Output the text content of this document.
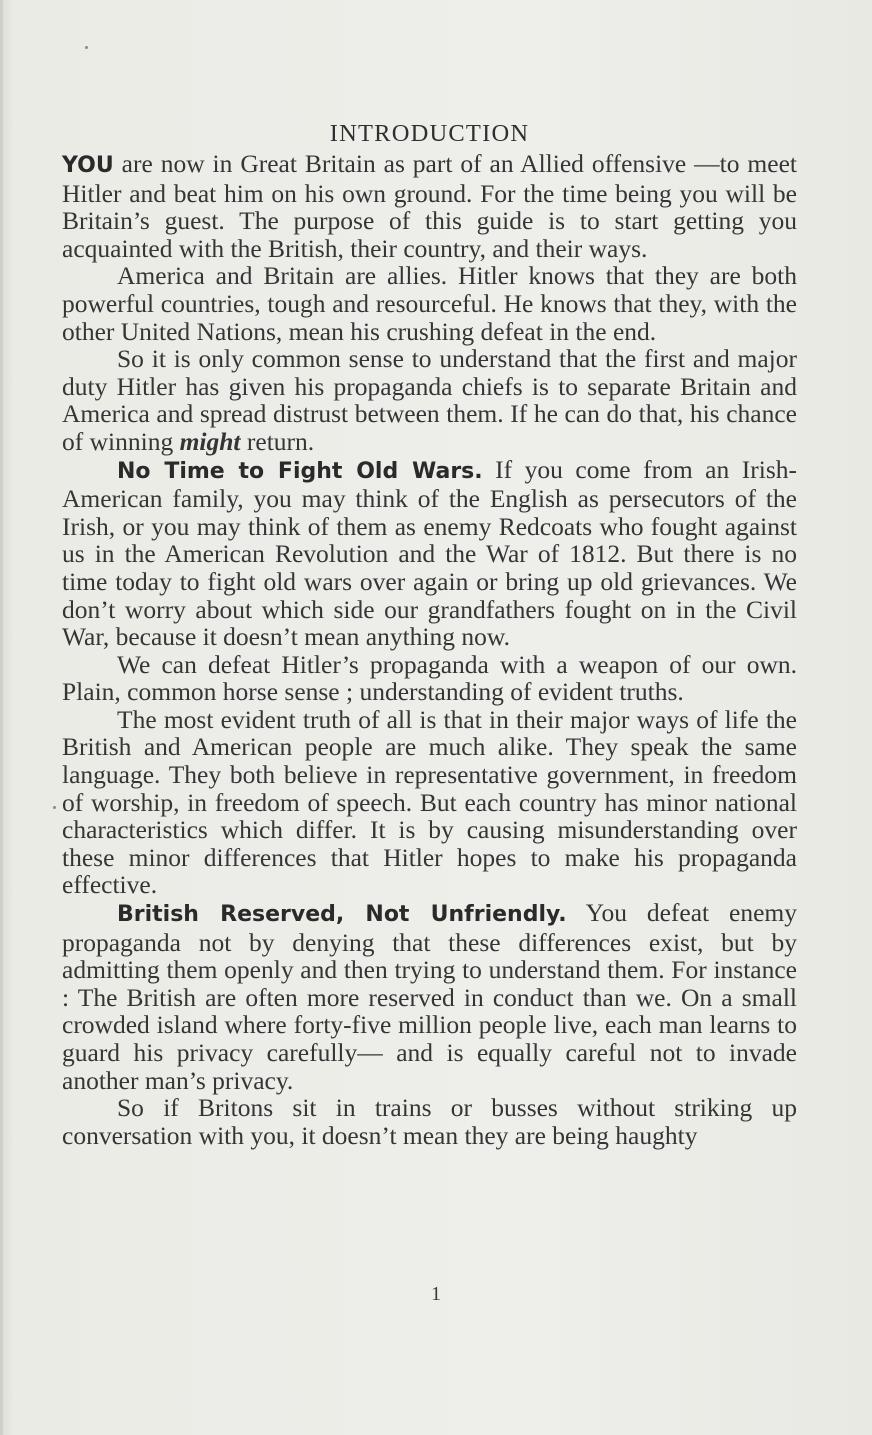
INTRODUCTION

YOU are now in Great Britain as part of an Allied offensive —to meet Hitler and beat him on his own ground. For the time being you will be Britain’s guest. The purpose of this guide is to start getting you acquainted with the British, their country, and their ways.

America and Britain are allies. Hitler knows that they are both powerful countries, tough and resourceful. He knows that they, with the other United Nations, mean his crushing defeat in the end.

So it is only common sense to understand that the first and major duty Hitler has given his propaganda chiefs is to separate Britain and America and spread distrust between them. If he can do that, his chance of winning might return.

No Time to Fight Old Wars. If you come from an Irish-American family, you may think of the English as persecutors of the Irish, or you may think of them as enemy Redcoats who fought against us in the American Revolution and the War of 1812. But there is no time today to fight old wars over again or bring up old grievances. We don’t worry about which side our grandfathers fought on in the Civil War, because it doesn’t mean anything now.

We can defeat Hitler’s propaganda with a weapon of our own. Plain, common horse sense ; understanding of evident truths.

The most evident truth of all is that in their major ways of life the British and American people are much alike. They speak the same language. They both believe in representative government, in freedom of worship, in freedom of speech. But each country has minor national characteristics which differ. It is by causing misunderstanding over these minor differences that Hitler hopes to make his propaganda effective.

British Reserved, Not Unfriendly. You defeat enemy propaganda not by denying that these differences exist, but by admitting them openly and then trying to understand them. For instance : The British are often more reserved in conduct than we. On a small crowded island where forty-five million people live, each man learns to guard his privacy carefully— and is equally careful not to invade another man’s privacy.

So if Britons sit in trains or busses without striking up conversation with you, it doesn’t mean they are being haughty

1
